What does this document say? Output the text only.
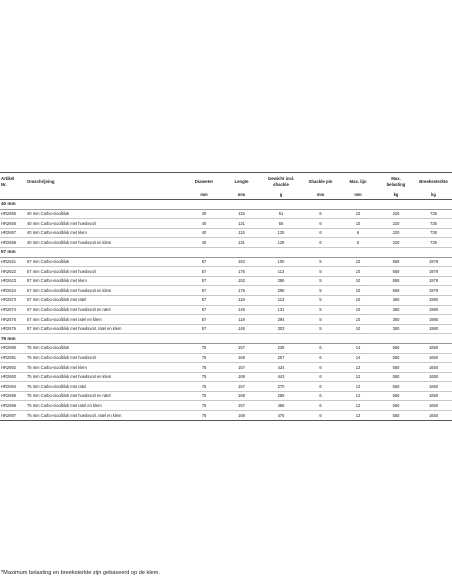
Artikel
Nr.	Omschrijving	Diameter	Lengte	Gewicht incl.
shackle	Shackle pin	Max. lijn	Max.
belasting	Breekssterkte
		mm	mm	g	mm	mm	kg	kg
40 mm								
HR2655	40 mm Carbo-vioolblok	40	115	51	6	10	220	735
HR2656	40 mm Carbo-vioolblok met hoedsvoit	40	131	55	6	10	220	735
HR2657	40 mm Carbo-vioolblok met klem	40	115	125	6	6	220	735
HR2658	40 mm Carbo-vioolblok met hoedsvoit en klem	40	131	128	6	6	220	735
57 mm								
HR2621	57 mm Carbo-vioolblok	57	153	100	5	10	559	1979
HR2622	57 mm Carbo-vioolblok met hoedsvoit	57	175	113	5	10	559	1979
HR2623	57 mm Carbo-vioolblok met klem	57	153	286	5	10	559	1979
HR2624	57 mm Carbo-vioolblok met hoedsvoit en klem	57	175	295	5	10	559	1979
HR2673	57 mm Carbo-vioolblok met ratel	57	118	113	5	10	360	1980
HR2674	57 mm Carbo-vioolblok met hoedsvoit en ratel	57	145	131	5	10	360	1980
HR2675	57 mm Carbo-vioolblok met ratel en klem	57	118	294	5	10	360	1980
HR2676	57 mm Carbo-vioolblok met hoedsvoit, ratel en klem	57	145	303	5	10	360	1980
75 mm								
HR2690	75 mm Carbo-vioolblok	75	157	238	6	14	550	1650
HR2691	75 mm Carbo-vioolblok met hoedsvoit	75	169	257	6	14	550	1650
HR2692	75 mm Carbo-vioolblok met klem	75	157	424	6	12	550	1650
HR2693	75 mm Carbo-vioolblok met hoedsvoit en klem	75	169	443	6	12	550	1650
HR2694	75 mm Carbo-vioolblok met ratel	75	157	270	6	12	550	1650
HR2695	75 mm Carbo-vioolblok met hoedsvoit en ratel	75	169	289	6	12	550	1650
HR2696	75 mm Carbo-vioolblok met ratel en klem	75	157	456	6	12	550	1650
HR2697	75 mm Carbo-vioolblok met hoedsvoit, ratel en klem	75	169	475	6	12	550	1650
*Maximum belasting en breeksterkte zijn gebaseerd op de klem.
